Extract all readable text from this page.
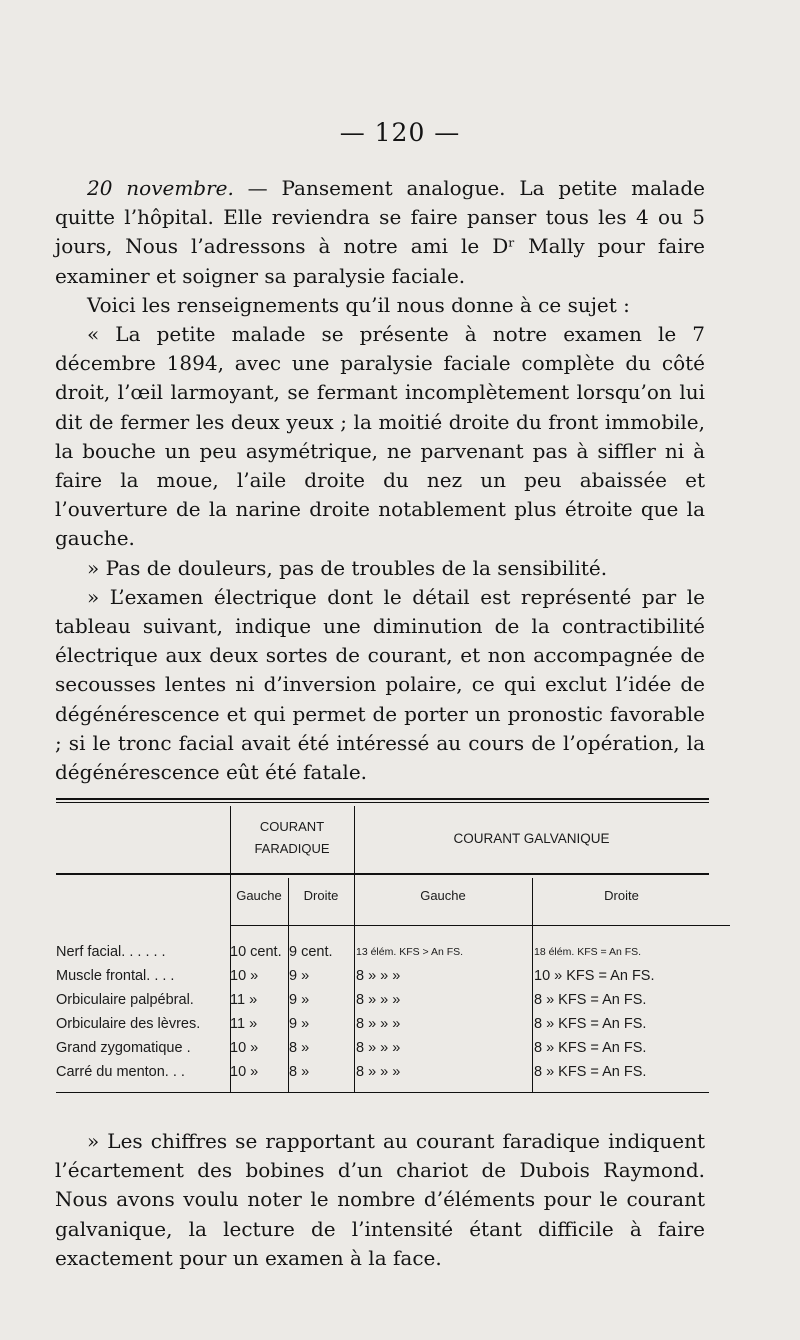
— 120 —

20 novembre. — Pansement analogue. La petite malade quitte l’hôpital. Elle reviendra se faire panser tous les 4 ou 5 jours, Nous l’adressons à notre ami le Dʳ Mally pour faire examiner et soigner sa paralysie faciale.

Voici les renseignements qu’il nous donne à ce sujet :

« La petite malade se présente à notre examen le 7 décembre 1894, avec une paralysie faciale complète du côté droit, l’œil larmoyant, se fermant incomplètement lorsqu’on lui dit de fermer les deux yeux ; la moitié droite du front immobile, la bouche un peu asymétrique, ne parvenant pas à siffler ni à faire la moue, l’aile droite du nez un peu abaissée et l’ouverture de la narine droite notablement plus étroite que la gauche.

» Pas de douleurs, pas de troubles de la sensibilité.

» L’examen électrique dont le détail est représenté par le tableau suivant, indique une diminution de la contractibilité électrique aux deux sortes de courant, et non accompagnée de secousses lentes ni d’inversion polaire, ce qui exclut l’idée de dégénérescence et qui permet de porter un pronostic favorable ; si le tronc facial avait été intéressé au cours de l’opération, la dégénérescence eût été fatale.

COURANT
FARADIQUE
COURANT GALVANIQUE
Gauche	Droite	Gauche	Droite
Nerf facial. . . . . .	10 cent. 9 cent.	13 élém. KFS > An FS.	18 élém. KFS = An FS.
Muscle frontal. . . .	10 »	9 »	8 » » »	10 » KFS = An FS.
Orbiculaire palpébral.	11 »	9 »	8 » » »	8 » KFS = An FS.
Orbiculaire des lèvres.	11 »	9 »	8 » » »	8 » KFS = An FS.
Grand zygomatique .	10 »	8 »	8 » » »	8 » KFS = An FS.
Carré du menton. . .	10 »	8 »	8 » » »	8 » KFS = An FS.

» Les chiffres se rapportant au courant faradique indiquent l’écartement des bobines d’un chariot de Dubois Raymond. Nous avons voulu noter le nombre d’éléments pour le courant galvanique, la lecture de l’intensité étant difficile à faire exactement pour un examen à la face.
